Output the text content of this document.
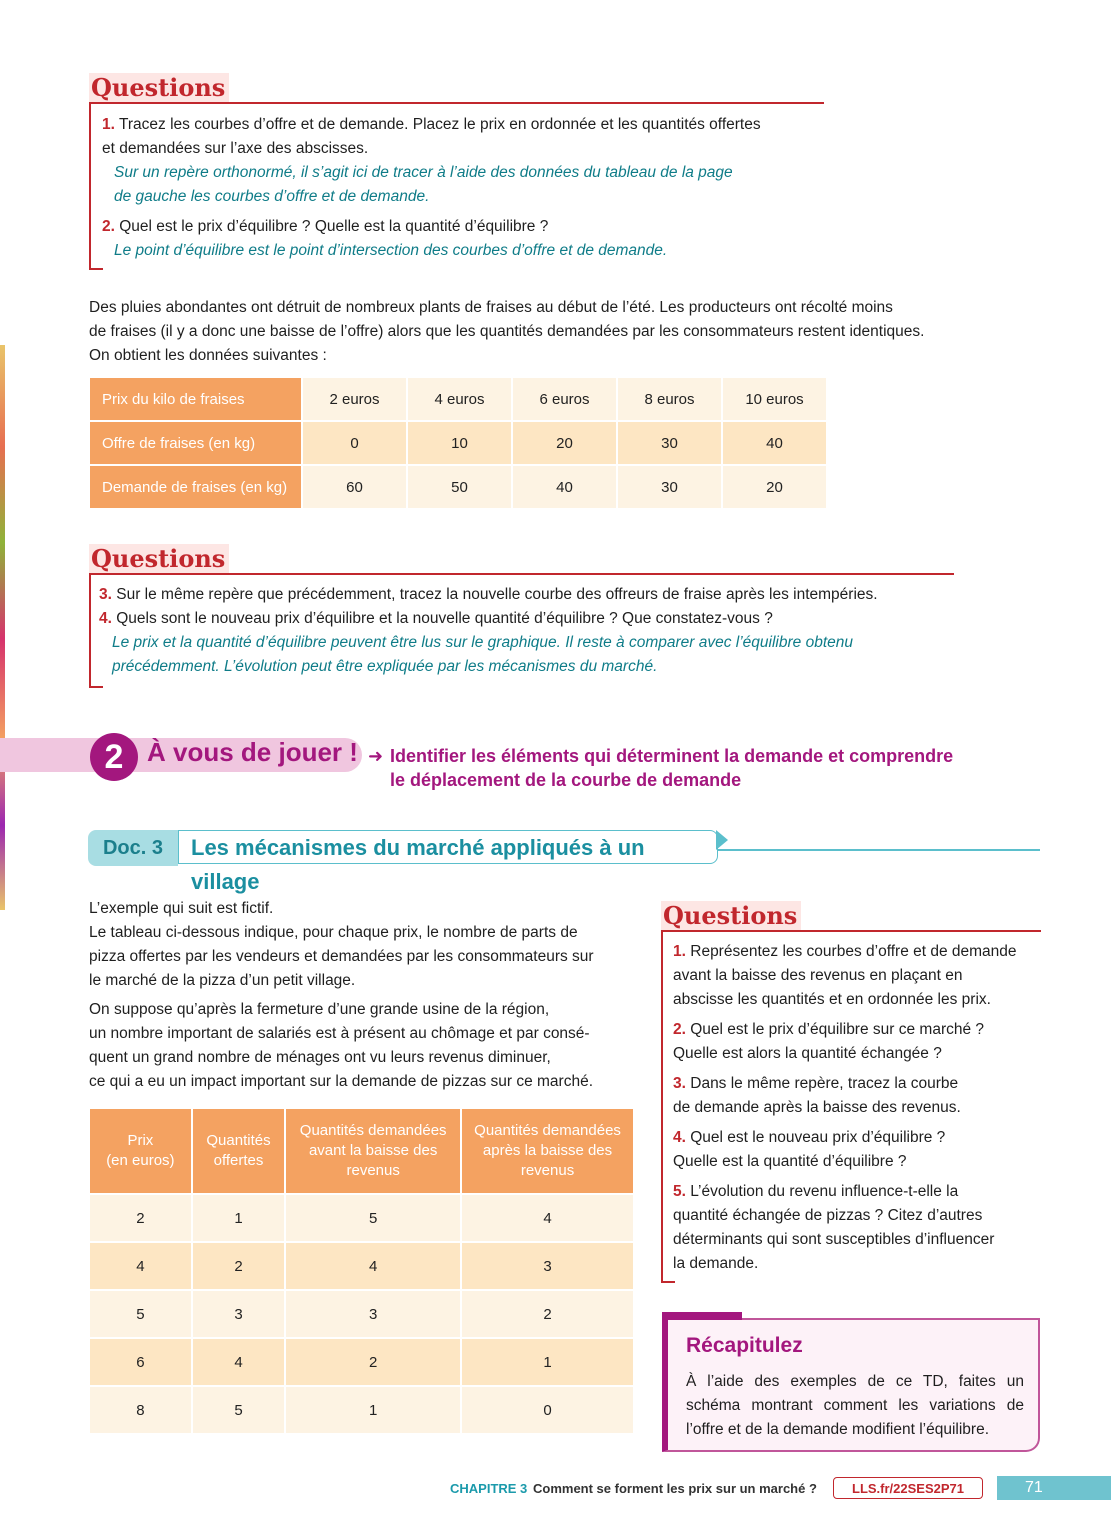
Questions
1. Tracez les courbes d’offre et de demande. Placez le prix en ordonnée et les quantités offertes
et demandées sur l’axe des abscisses.
Sur un repère orthonormé, il s’agit ici de tracer à l’aide des données du tableau de la page
de gauche les courbes d’offre et de demande.
2. Quel est le prix d’équilibre ? Quelle est la quantité d’équilibre ?
Le point d’équilibre est le point d’intersection des courbes d’offre et de demande.
Des pluies abondantes ont détruit de nombreux plants de fraises au début de l’été. Les producteurs ont récolté moins
de fraises (il y a donc une baisse de l’offre) alors que les quantités demandées par les consommateurs restent identiques.
On obtient les données suivantes :
Prix du kilo de fraises	2 euros	4 euros	6 euros	8 euros	10 euros
Offre de fraises (en kg)	0	10	20	30	40
Demande de fraises (en kg)	60	50	40	30	20
Questions
3. Sur le même repère que précédemment, tracez la nouvelle courbe des offreurs de fraise après les intempéries.
4. Quels sont le nouveau prix d’équilibre et la nouvelle quantité d’équilibre ? Que constatez-vous ?
Le prix et la quantité d’équilibre peuvent être lus sur le graphique. Il reste à comparer avec l’équilibre obtenu
précédemment. L’évolution peut être expliquée par les mécanismes du marché.
2 À vous de jouer ! ➜ Identifier les éléments qui déterminent la demande et comprendre
le déplacement de la courbe de demande
Doc. 3	Les mécanismes du marché appliqués à un village
L’exemple qui suit est fictif.
Le tableau ci-dessous indique, pour chaque prix, le nombre de parts de
pizza offertes par les vendeurs et demandées par les consommateurs sur
le marché de la pizza d’un petit village.
On suppose qu’après la fermeture d’une grande usine de la région,
un nombre important de salariés est à présent au chômage et par consé-
quent un grand nombre de ménages ont vu leurs revenus diminuer,
ce qui a eu un impact important sur la demande de pizzas sur ce marché.
Prix
(en euros)	Quantités
offertes	Quantités demandées
avant la baisse des
revenus	Quantités demandées
après la baisse des
revenus
2	1	5	4
4	2	4	3
5	3	3	2
6	4	2	1
8	5	1	0
Questions
1. Représentez les courbes d’offre et de demande
avant la baisse des revenus en plaçant en
abscisse les quantités et en ordonnée les prix.
2. Quel est le prix d’équilibre sur ce marché ?
Quelle est alors la quantité échangée ?
3. Dans le même repère, tracez la courbe
de demande après la baisse des revenus.
4. Quel est le nouveau prix d’équilibre ?
Quelle est la quantité d’équilibre ?
5. L’évolution du revenu influence-t-elle la
quantité échangée de pizzas ? Citez d’autres
déterminants qui sont susceptibles d’influencer
la demande.
Récapitulez
À l’aide des exemples de ce TD, faites un schéma montrant comment les variations de l’offre et de la demande modifient l’équilibre.
CHAPITRE 3 Comment se forment les prix sur un marché ?	LLS.fr/22SES2P71	71
